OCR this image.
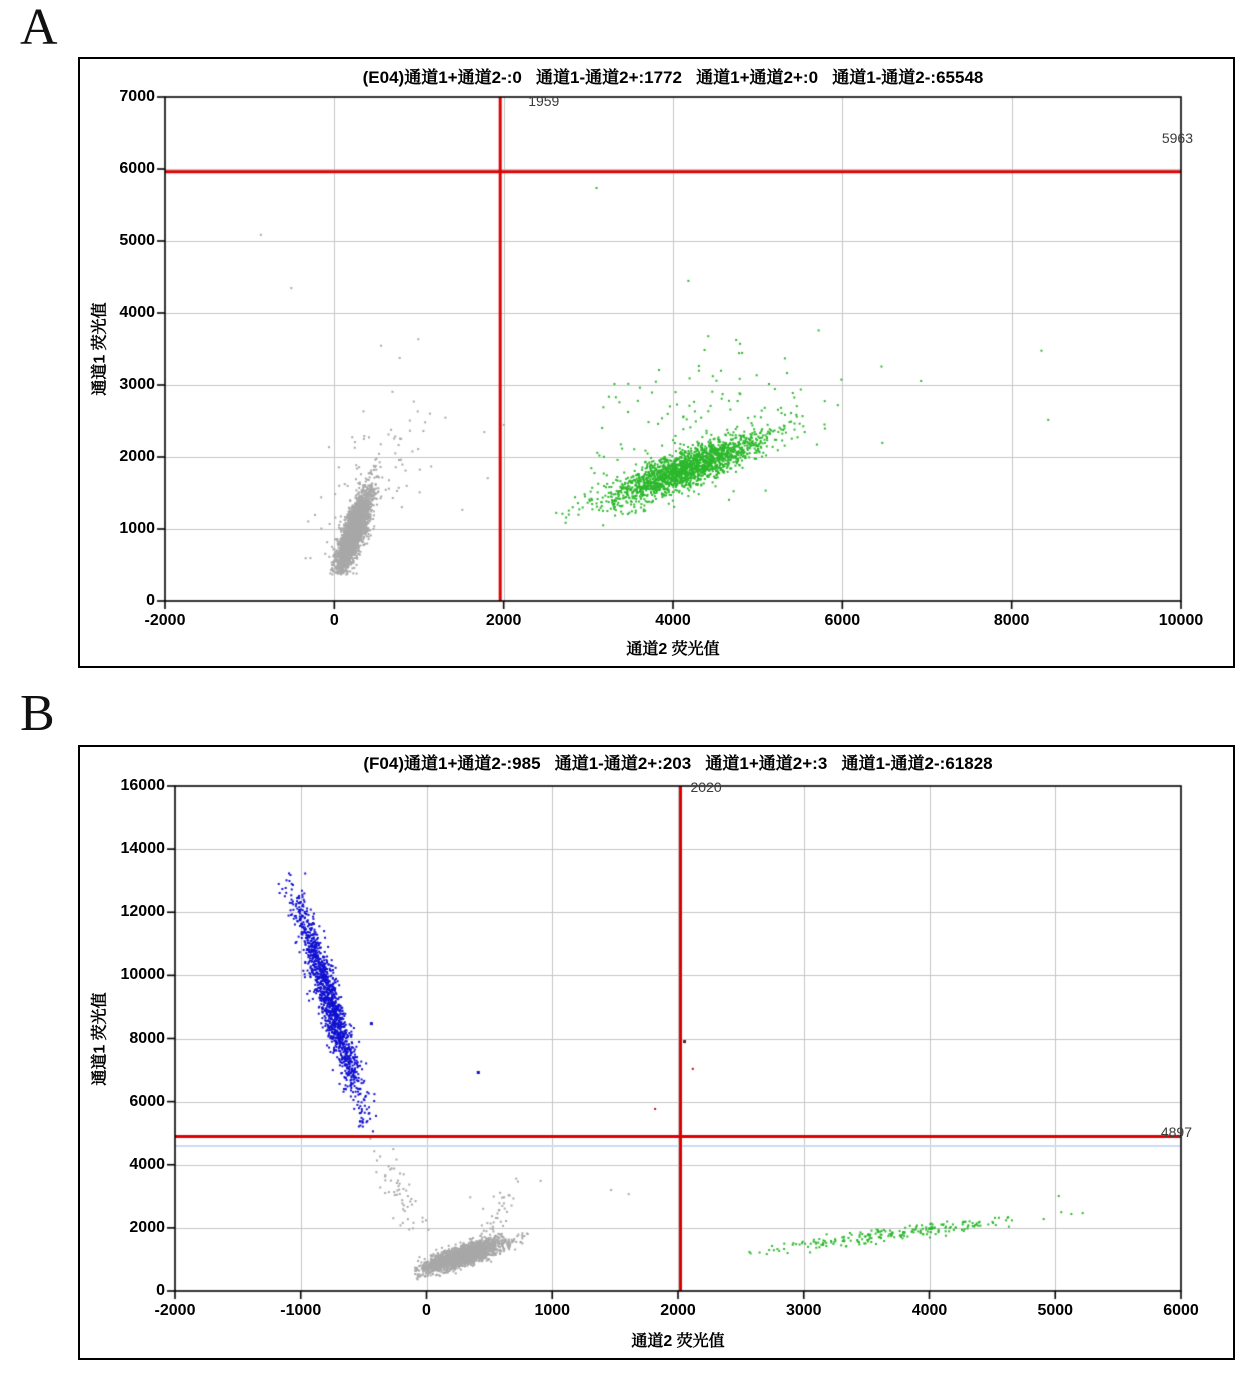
A
(E04)通道1+通道2-:0   通道1-通道2+:1772   通道1+通道2+:0   通道1-通道2-:65548
通道2 荧光值
通道1 荧光值
-2000	0	2000	4000	6000	8000	10000
0
1000
2000
3000
4000
5000
6000
7000	1959
5963
B
(F04)通道1+通道2-:985   通道1-通道2+:203   通道1+通道2+:3   通道1-通道2-:61828
通道2 荧光值
通道1 荧光值
-2000	-1000	0	1000	2000	3000	4000	5000	6000
0
2000
4000
6000
8000
10000
12000
14000
16000	2020
4897
